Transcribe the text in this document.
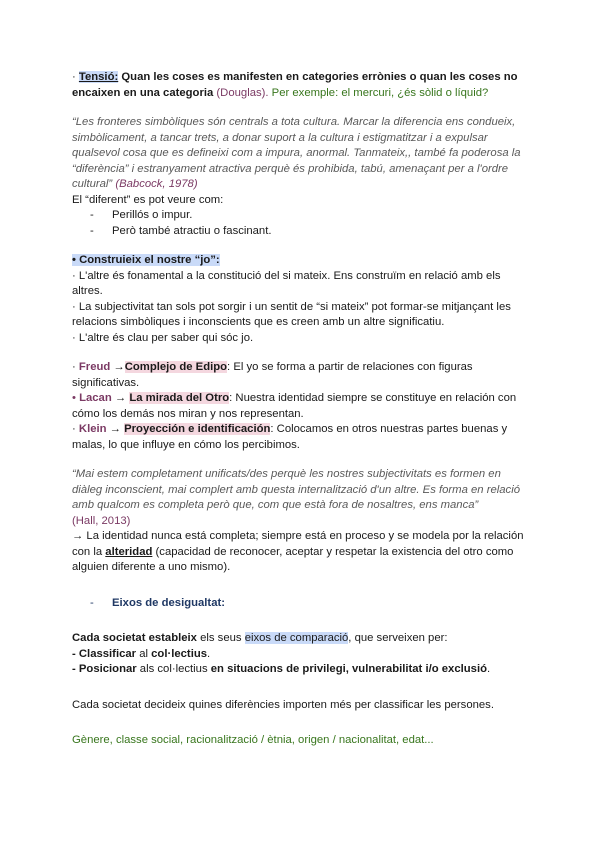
· Tensió: Quan les coses es manifesten en categories errònies o quan les coses no encaixen en una categoria (Douglas). Per exemple: el mercuri, ¿és sòlid o líquid?

“Les fronteres simbòliques són centrals a tota cultura. Marcar la diferencia ens condueix, simbòlicament, a tancar trets, a donar suport a la cultura i estigmatitzar i a expulsar qualsevol cosa que es defineixi com a impura, anormal. Tanmateix,, també fa poderosa la “diferència” i estranyament atractiva perquè és prohibida, tabú, amenaçant per a l'ordre cultural” (Babcock, 1978)

El “diferent” es pot veure com:

- Perillós o impur.

- Però també atractiu o fascinant.

• Construieix el nostre “jo”:

· L'altre és fonamental a la constitució del si mateix. Ens construïm en relació amb els altres.

· La subjectivitat tan sols pot sorgir i un sentit de “si mateix” pot formar-se mitjançant les relacions simbòliques i inconscients que es creen amb un altre significatiu.

· L'altre és clau per saber qui sóc jo.

· Freud →Complejo de Edipo: El yo se forma a partir de relaciones con figuras significativas.

• Lacan → La mirada del Otro: Nuestra identidad siempre se constituye en relación con cómo los demás nos miran y nos representan.

· Klein → Proyección e identificación: Colocamos en otros nuestras partes buenas y malas, lo que influye en cómo los percibimos.

“Mai estem completament unificats/des perquè les nostres subjectivitats es formen en diàleg inconscient, mai complert amb questa internalització d'un altre. Es forma en relació amb qualcom es completa però que, com que està fora de nosaltres, ens manca”

(Hall, 2013)

→ La identidad nunca está completa; siempre está en proceso y se modela por la relación con la alteridad (capacidad de reconocer, aceptar y respetar la existencia del otro como alguien diferente a uno mismo).

- Eixos de desigualtat:

Cada societat estableix els seus eixos de comparació, que serveixen per:

- Classificar al col·lectius.

- Posicionar als col·lectius en situacions de privilegi, vulnerabilitat i/o exclusió.

Cada societat decideix quines diferències importen més per classificar les persones.

Gènere, classe social, racionalització / ètnia, origen / nacionalitat, edat...
